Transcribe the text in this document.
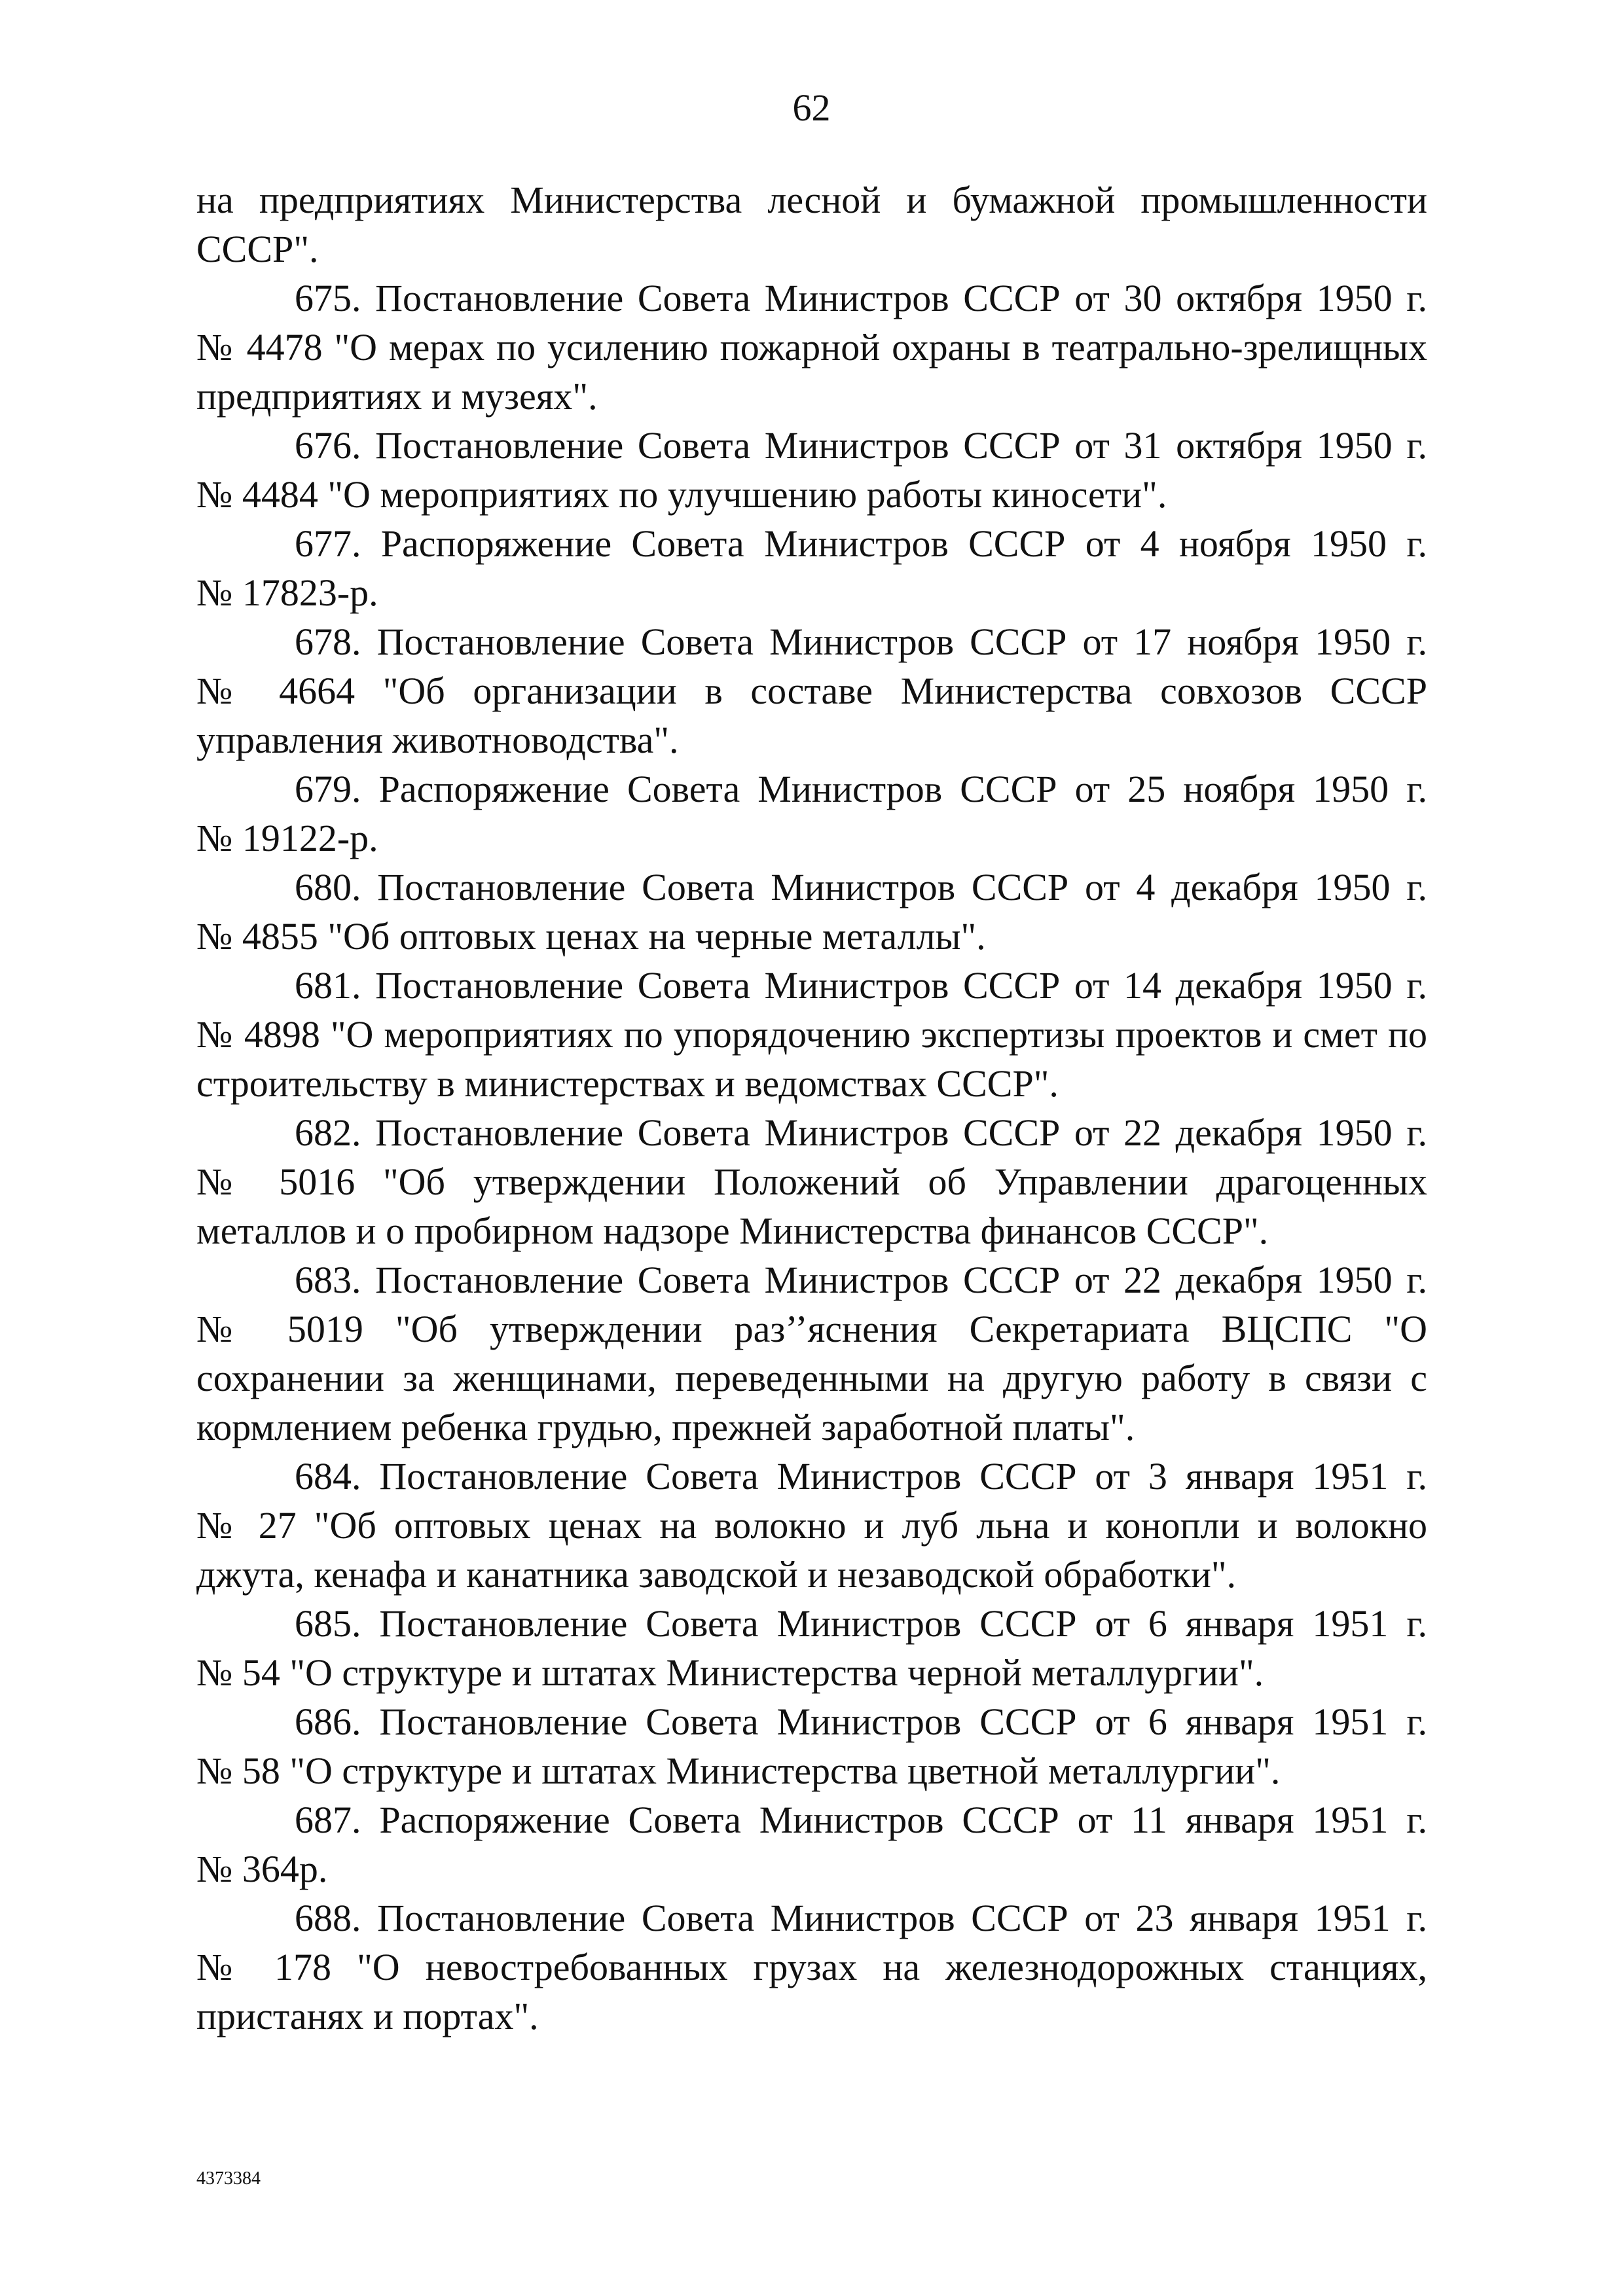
62

на предприятиях Министерства лесной и бумажной промышленности СССР".

675. Постановление Совета Министров СССР от 30 октября 1950 г.
№ 4478 "О мерах по усилению пожарной охраны в театрально-зрелищных предприятиях и музеях".

676. Постановление Совета Министров СССР от 31 октября 1950 г.
№ 4484 "О мероприятиях по улучшению работы киносети".

677. Распоряжение Совета Министров СССР от 4 ноября 1950 г.
№ 17823-р.

678. Постановление Совета Министров СССР от 17 ноября 1950 г.
№ 4664 "Об организации в составе Министерства совхозов СССР управления животноводства".

679. Распоряжение Совета Министров СССР от 25 ноября 1950 г.
№ 19122-р.

680. Постановление Совета Министров СССР от 4 декабря 1950 г.
№ 4855 "Об оптовых ценах на черные металлы".

681. Постановление Совета Министров СССР от 14 декабря 1950 г.
№ 4898 "О мероприятиях по упорядочению экспертизы проектов и смет по строительству в министерствах и ведомствах СССР".

682. Постановление Совета Министров СССР от 22 декабря 1950 г.
№ 5016 "Об утверждении Положений об Управлении драгоценных металлов и о пробирном надзоре Министерства финансов СССР".

683. Постановление Совета Министров СССР от 22 декабря 1950 г.
№ 5019 "Об утверждении раз’’яснения Секретариата ВЦСПС "О сохранении за женщинами, переведенными на другую работу в связи с кормлением ребенка грудью, прежней заработной платы".

684. Постановление Совета Министров СССР от 3 января 1951 г.
№ 27 "Об оптовых ценах на волокно и луб льна и конопли и волокно джута, кенафа и канатника заводской и незаводской обработки".

685. Постановление Совета Министров СССР от 6 января 1951 г.
№ 54 "О структуре и штатах Министерства черной металлургии".

686. Постановление Совета Министров СССР от 6 января 1951 г.
№ 58 "О структуре и штатах Министерства цветной металлургии".

687. Распоряжение Совета Министров СССР от 11 января 1951 г.
№ 364р.

688. Постановление Совета Министров СССР от 23 января 1951 г.
№ 178 "О невостребованных грузах на железнодорожных станциях, пристанях и портах".

4373384
